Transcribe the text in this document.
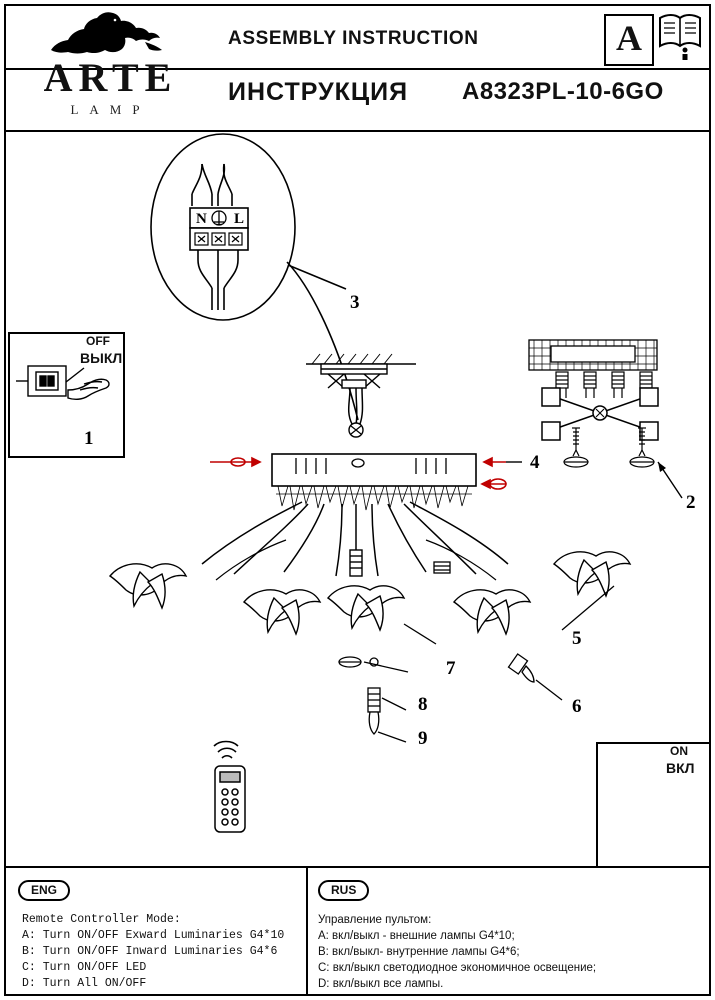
ARTE
LAMP
ASSEMBLY INSTRUCTION
ИНСТРУКЦИЯ A8323PL-10-6GO
A
OFF
ВЫКЛ
1
N L
3
2
4
5
6
7
8
9
ON
ВКЛ
ENG	RUS
Remote Controller Mode:
A: Turn ON/OFF Exward Luminaries G4*10
B: Turn ON/OFF Inward Luminaries G4*6
C: Turn ON/OFF LED
D: Turn All ON/OFF
Управление пультом:
A: вкл/выкл - внешние лампы G4*10;
B: вкл/выкл- внутренние лампы G4*6;
C: вкл/выкл светодиодное экономичное освещение;
D: вкл/выкл все лампы.
